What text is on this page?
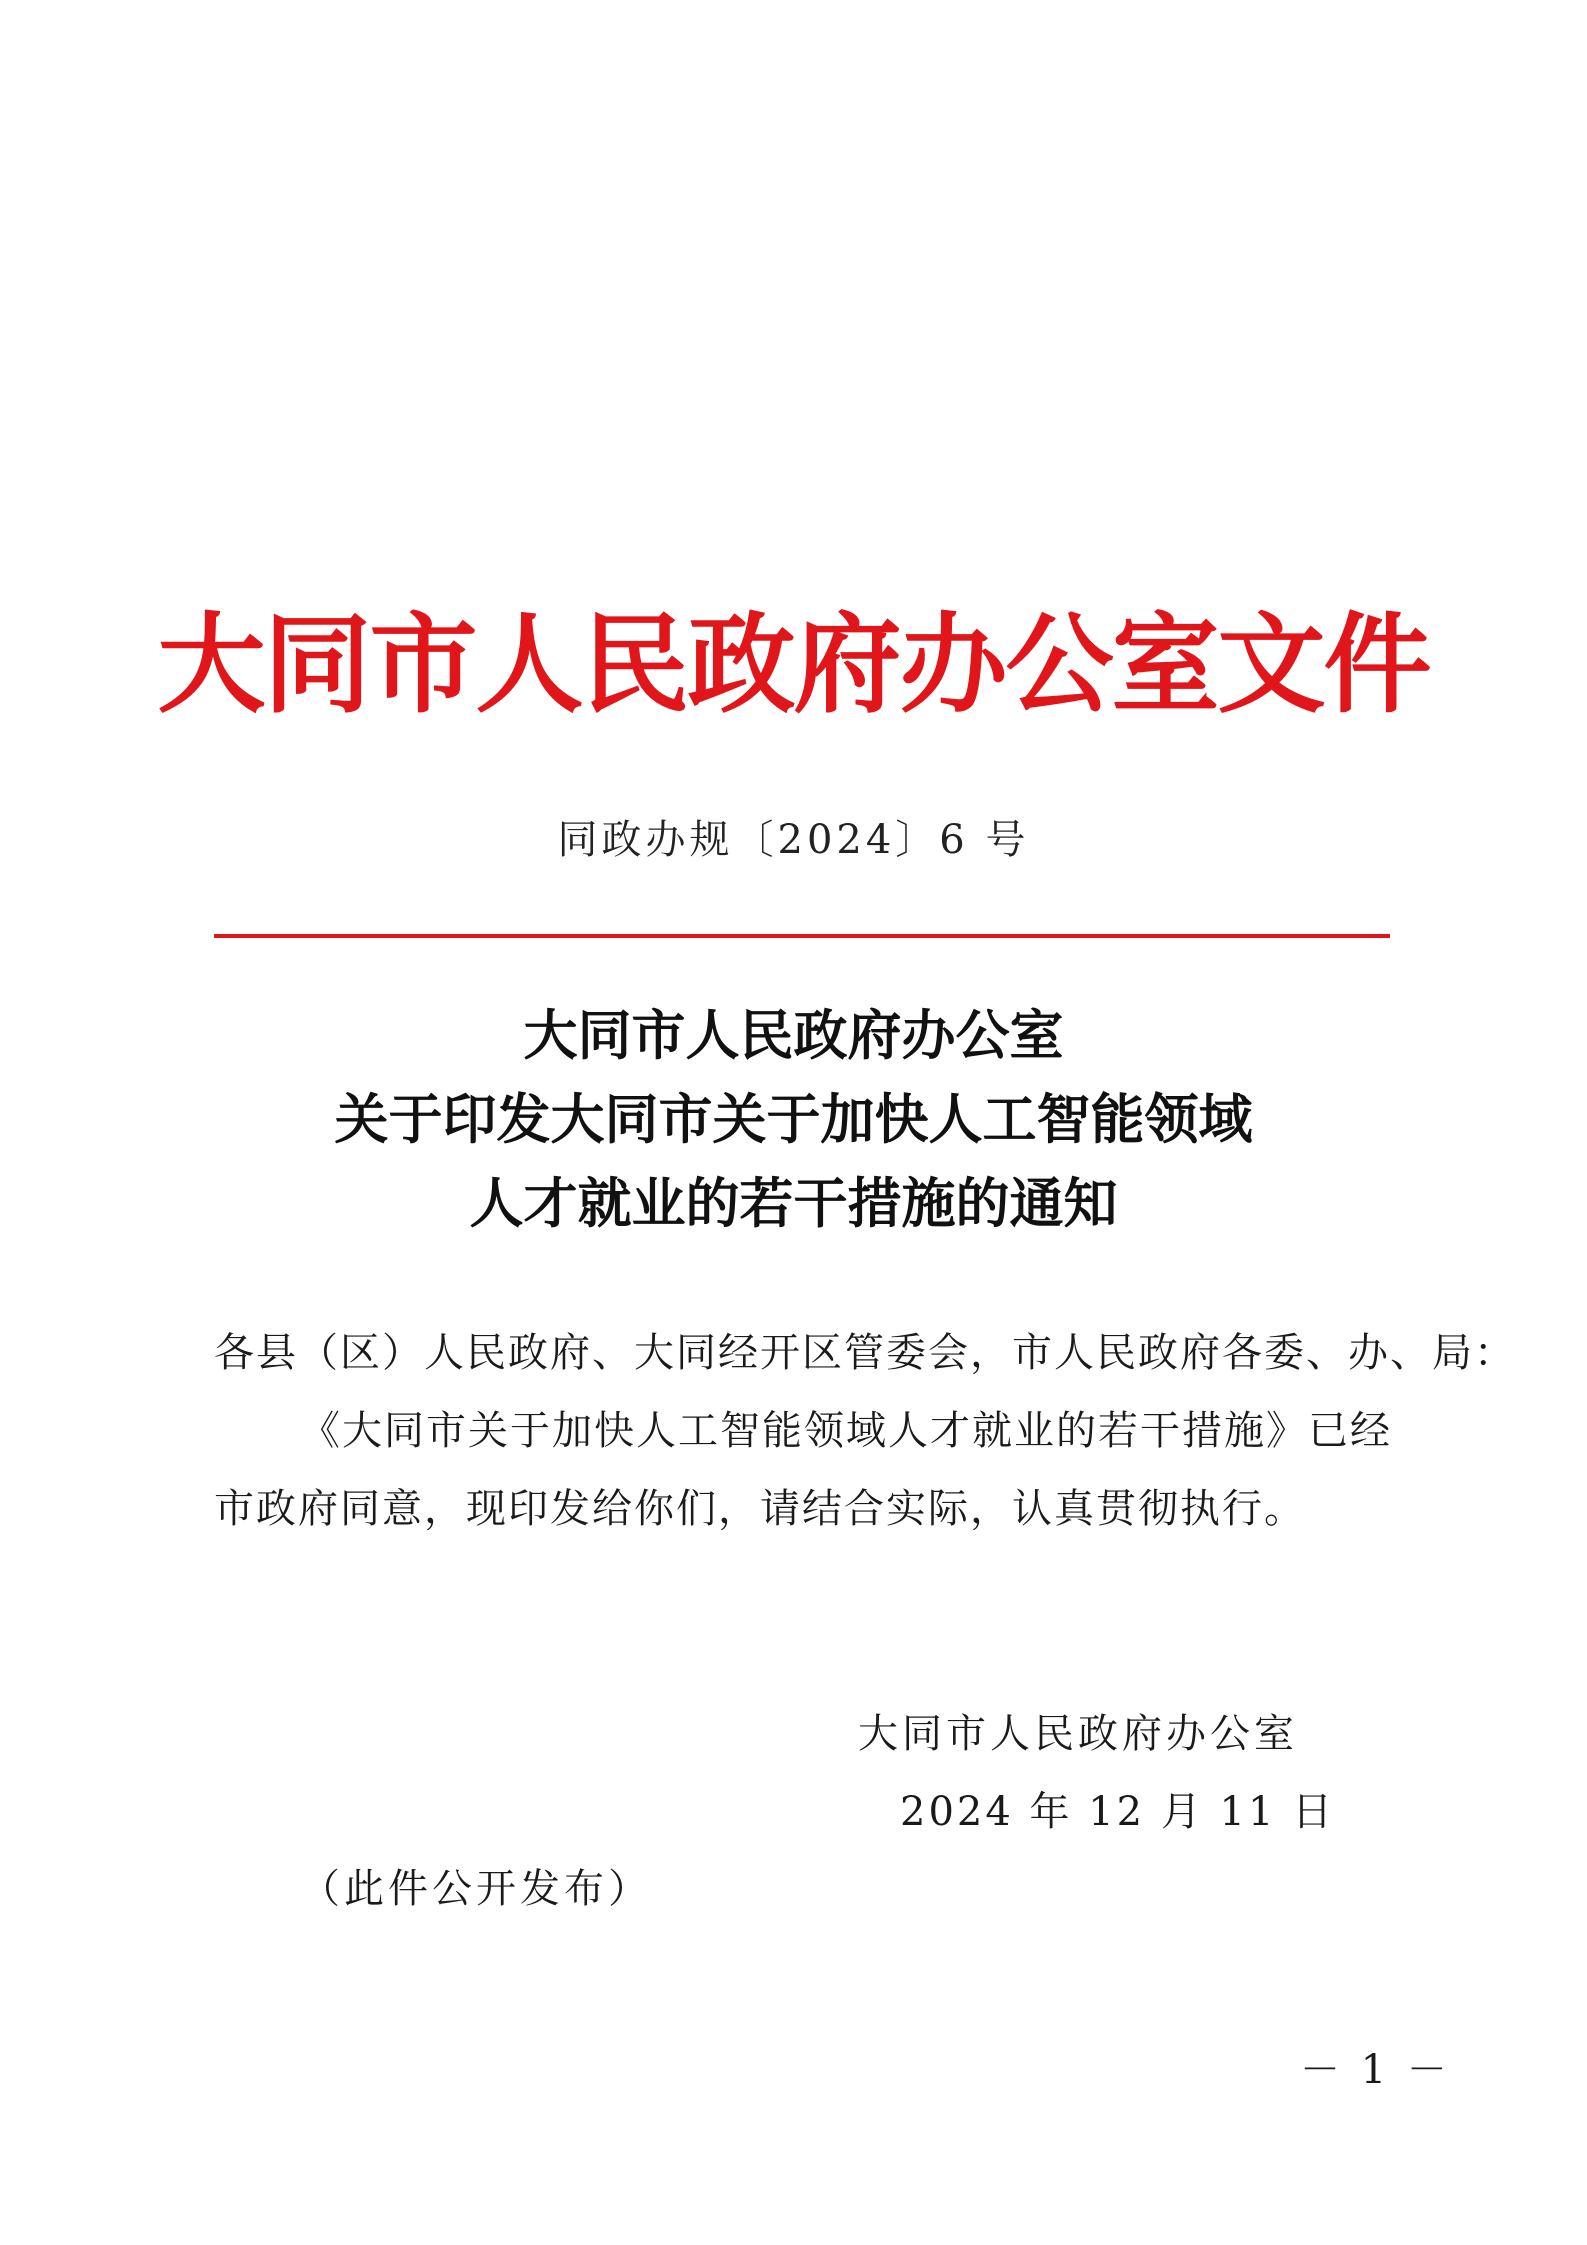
大同市人民政府办公室文件
同政办规〔2024〕6 号
大同市人民政府办公室
关于印发大同市关于加快人工智能领域
人才就业的若干措施的通知
各县（区）人民政府、大同经开区管委会，市人民政府各委、办、局：
《大同市关于加快人工智能领域人才就业的若干措施》已经
市政府同意，现印发给你们，请结合实际，认真贯彻执行。
大同市人民政府办公室
2024 年 12 月 11 日
（此件公开发布）
－ 1 －
